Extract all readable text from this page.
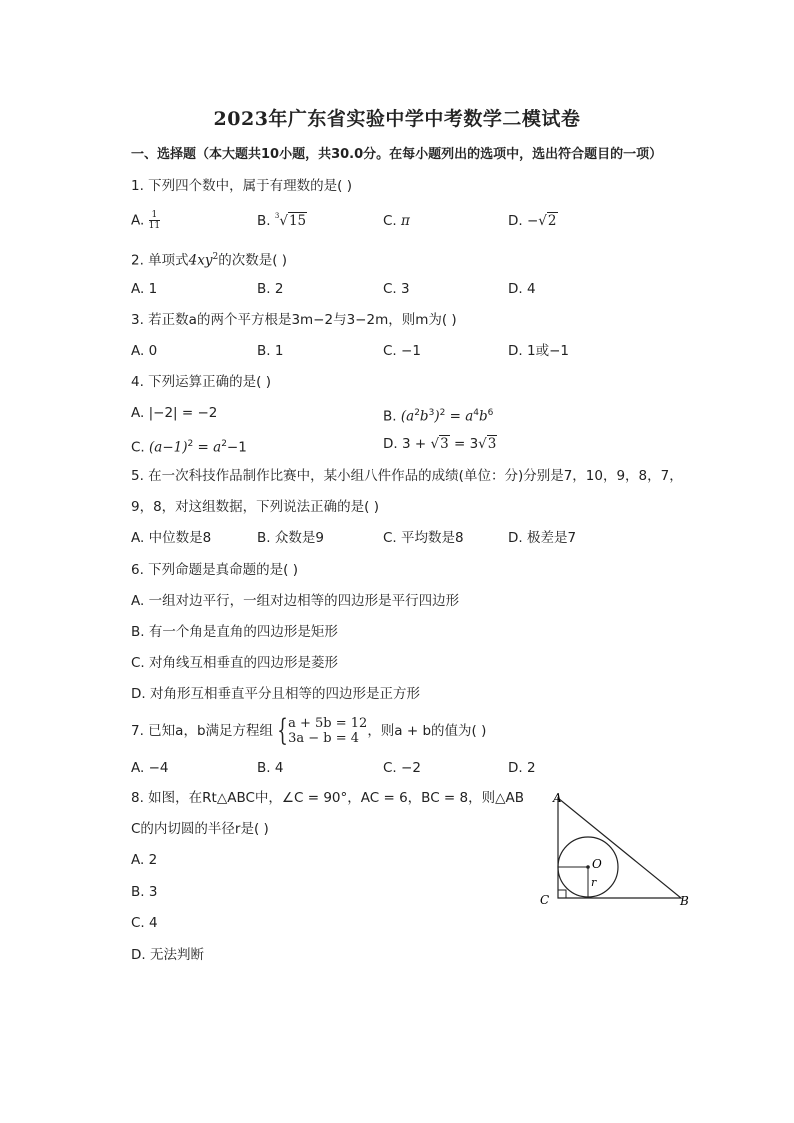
2023年广东省实验中学中考数学二模试卷
一、选择题（本大题共10小题，共30.0分。在每小题列出的选项中，选出符合题目的一项）
1. 下列四个数中，属于有理数的是( )
A. $\frac{1}{11}$	B. $^3$√15	C. π	D. −√2
2. 单项式$4xy^2$的次数是( )
A. 1	B. 2	C. 3	D. 4
3. 若正数a的两个平方根是3m−2与3−2m，则m为( )
A. 0	B. 1	C. −1	D. 1或−1
4. 下列运算正确的是( )
A. |−2| = −2	B. $(a^2b^3)^2 = a^4b^6$
C. $(a-1)^2 = a^2-1$	D. 3 + √3 = 3√3
5. 在一次科技作品制作比赛中，某小组八件作品的成绩(单位：分)分别是7，10，9，8，7，
9，8，对这组数据，下列说法正确的是( )
A. 中位数是8	B. 众数是9	C. 平均数是8	D. 极差是7
6. 下列命题是真命题的是( )
A. 一组对边平行，一组对边相等的四边形是平行四边形
B. 有一个角是直角的四边形是矩形
C. 对角线互相垂直的四边形是菱形
D. 对角形互相垂直平分且相等的四边形是正方形
7. 已知a，b满足方程组 { a + 5b = 12
3a − b = 4 ，则a + b的值为( )
A. −4	B. 4	C. −2	D. 2
8. 如图，在Rt△ABC中，∠C = 90°，AC = 6，BC = 8，则△AB
C的内切圆的半径r是( )
A. 2
B. 3
C. 4
D. 无法判断
A
C	B
O
r
